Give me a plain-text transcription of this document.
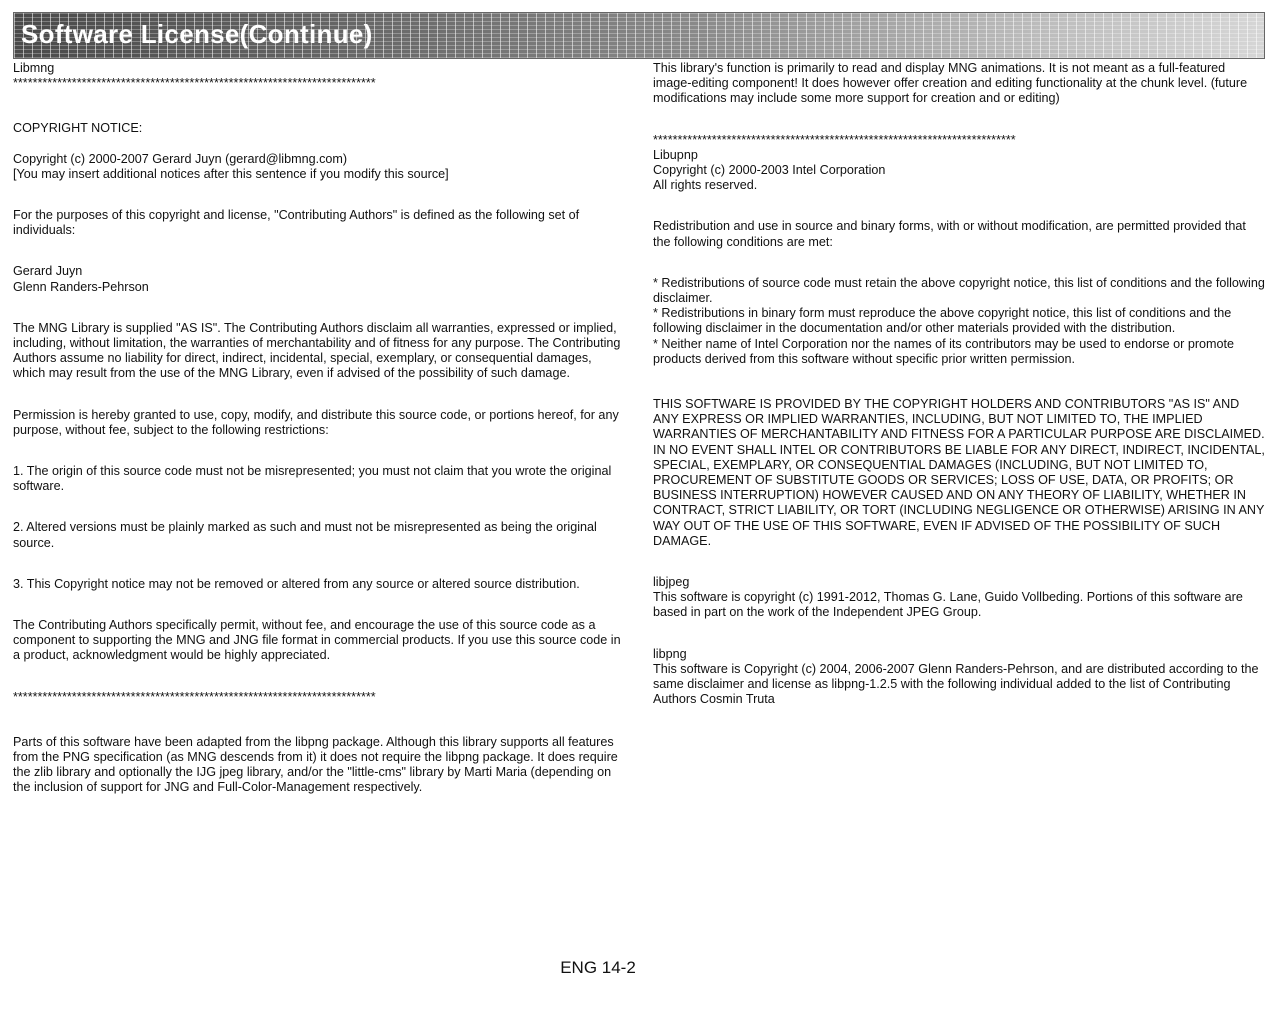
Software License(Continue)

Libmng

**************************************************************************

COPYRIGHT NOTICE:

Copyright (c) 2000-2007 Gerard Juyn (gerard@libmng.com)
[You may insert additional notices after this sentence if you modify this source]

For the purposes of this copyright and license, "Contributing Authors" is defined as the following set of individuals:

Gerard Juyn
Glenn Randers-Pehrson

The MNG Library is supplied "AS IS". The Contributing Authors disclaim all warranties, expressed or implied, including, without limitation, the warranties of merchantability and of fitness for any purpose. The Contributing Authors assume no liability for direct, indirect, incidental, special, exemplary, or consequential damages, which may result from the use of the MNG Library, even if advised of the possibility of such damage.

Permission is hereby granted to use, copy, modify, and distribute this source code, or portions hereof, for any purpose, without fee, subject to the following restrictions:

1. The origin of this source code must not be misrepresented; you must not claim that you wrote the original software.

2. Altered versions must be plainly marked as such and must not be misrepresented as being the original source.

3. This Copyright notice may not be removed or altered from any source or altered source distribution.

The Contributing Authors specifically permit, without fee, and encourage the use of this source code as a component to supporting the MNG and JNG file format in commercial products. If you use this source code in a product, acknowledgment would be highly appreciated.

**************************************************************************

Parts of this software have been adapted from the libpng package. Although this library supports all features from the PNG specification (as MNG descends from it) it does not require the libpng package. It does require the zlib library and optionally the IJG jpeg library, and/or the "little-cms" library by Marti Maria (depending on the inclusion of support for JNG and Full-Color-Management respectively.

This library's function is primarily to read and display MNG animations. It is not meant as a full-featured image-editing component! It does however offer creation and editing functionality at the chunk level. (future modifications may include some more support for creation and or editing)

**************************************************************************

Libupnp
Copyright (c) 2000-2003 Intel Corporation
All rights reserved.

Redistribution and use in source and binary forms, with or without modification, are permitted provided that the following conditions are met:

* Redistributions of source code must retain the above copyright notice, this list of conditions and the following disclaimer.
* Redistributions in binary form must reproduce the above copyright notice, this list of conditions and the following disclaimer in the documentation and/or other materials provided with the distribution.
* Neither name of Intel Corporation nor the names of its contributors may be used to endorse or promote products derived from this software without specific prior written permission.

THIS SOFTWARE IS PROVIDED BY THE COPYRIGHT HOLDERS AND CONTRIBUTORS "AS IS" AND ANY EXPRESS OR IMPLIED WARRANTIES, INCLUDING, BUT NOT LIMITED TO, THE IMPLIED WARRANTIES OF MERCHANTABILITY AND FITNESS FOR A PARTICULAR PURPOSE ARE DISCLAIMED. IN NO EVENT SHALL INTEL OR CONTRIBUTORS BE LIABLE FOR ANY DIRECT, INDIRECT, INCIDENTAL, SPECIAL, EXEMPLARY, OR CONSEQUENTIAL DAMAGES (INCLUDING, BUT NOT LIMITED TO, PROCUREMENT OF SUBSTITUTE GOODS OR SERVICES; LOSS OF USE, DATA, OR PROFITS; OR BUSINESS INTERRUPTION) HOWEVER CAUSED AND ON ANY THEORY OF LIABILITY, WHETHER IN CONTRACT, STRICT LIABILITY, OR TORT (INCLUDING NEGLIGENCE OR OTHERWISE) ARISING IN ANY WAY OUT OF THE USE OF THIS SOFTWARE, EVEN IF ADVISED OF THE POSSIBILITY OF SUCH DAMAGE.

libjpeg
This software is copyright (c) 1991-2012, Thomas G. Lane, Guido Vollbeding. Portions of this software are based in part on the work of the Independent JPEG Group.

libpng
This software is Copyright (c) 2004, 2006-2007 Glenn Randers-Pehrson, and are distributed according to the same disclaimer and license as libpng-1.2.5 with the following individual added to the list of Contributing Authors Cosmin Truta

ENG 14-2
